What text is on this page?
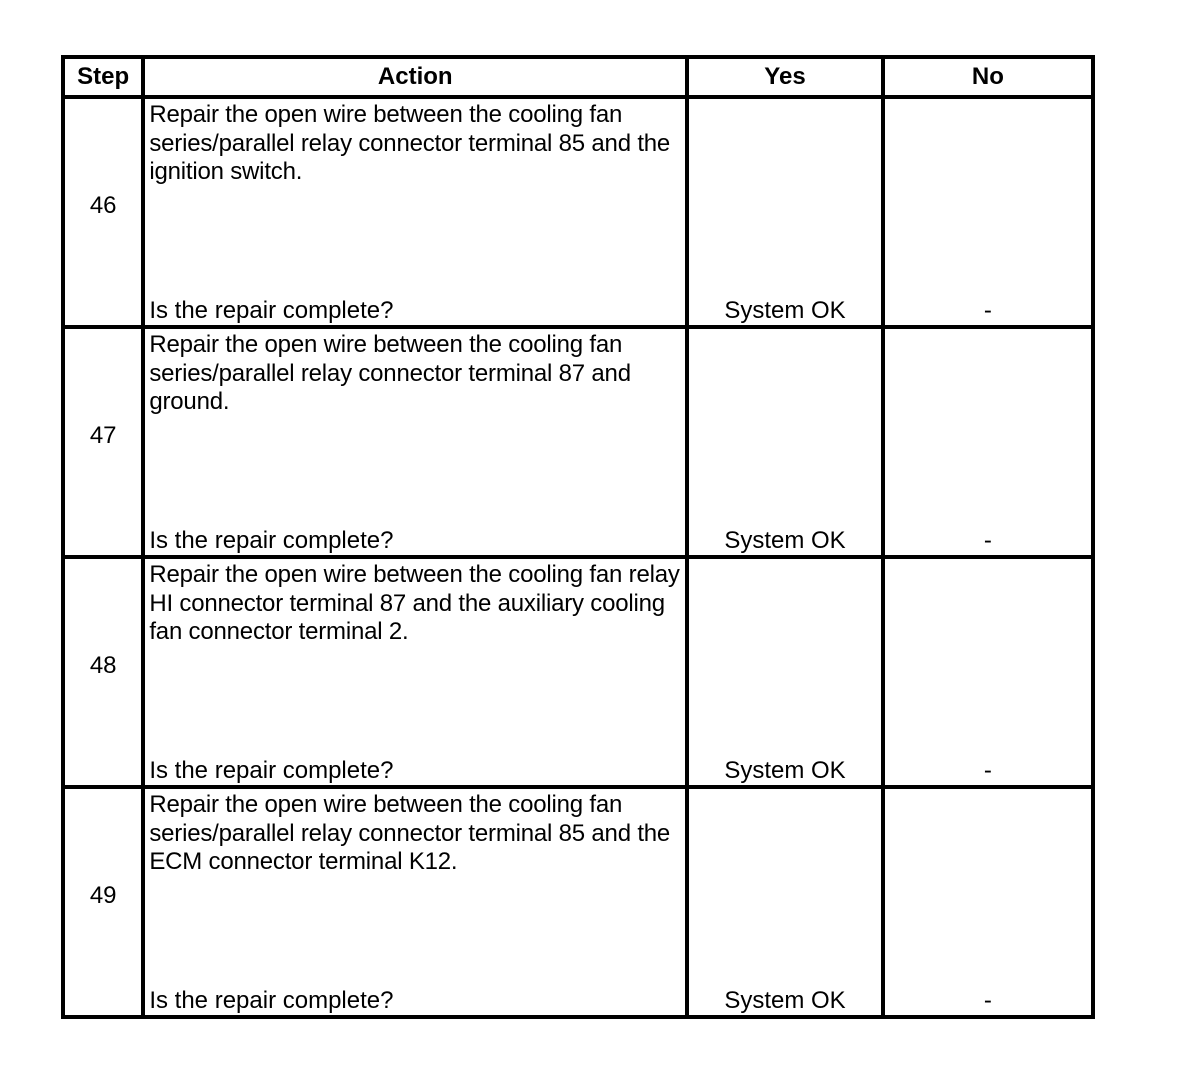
Step	Action	Yes	No
46	Repair the open wire between the cooling fan series/parallel relay connector terminal 85 and the ignition switch.
Is the repair complete?	System OK	-

47	Repair the open wire between the cooling fan series/parallel relay connector terminal 87 and ground.
Is the repair complete?	System OK	-

48	Repair the open wire between the cooling fan relay HI connector terminal 87 and the auxiliary cooling fan connector terminal 2.
Is the repair complete?	System OK	-

49	Repair the open wire between the cooling fan series/parallel relay connector terminal 85 and the ECM connector terminal K12.
Is the repair complete?	System OK	-
